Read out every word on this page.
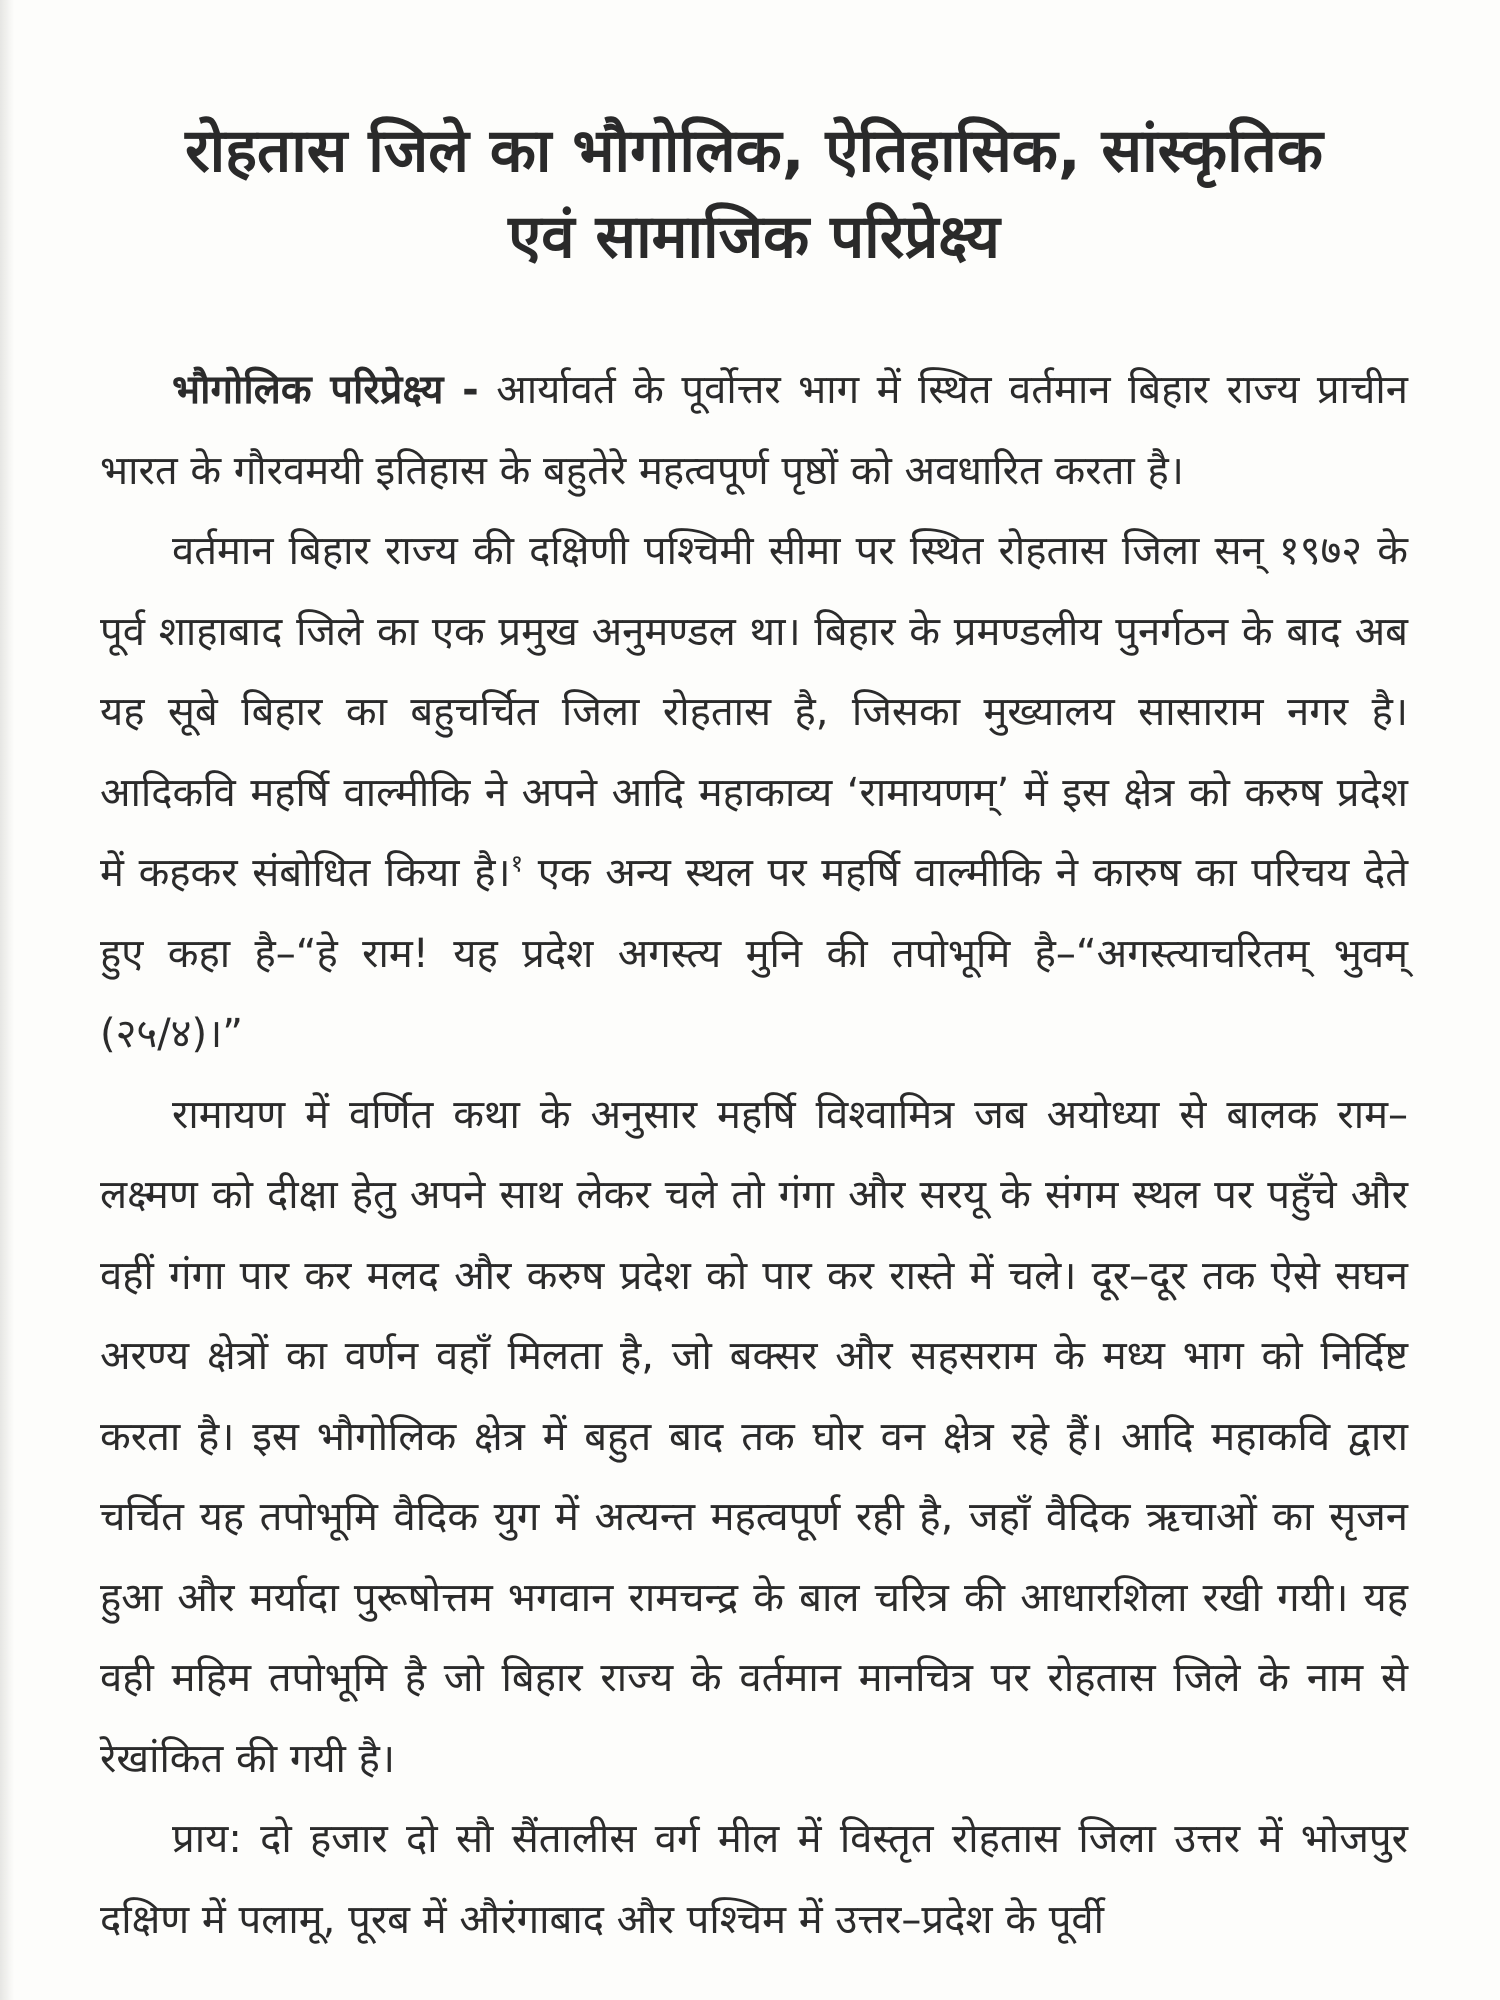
रोहतास जिले का भौगोलिक, ऐतिहासिक, सांस्कृतिक
एवं सामाजिक परिप्रेक्ष्य

भौगोलिक परिप्रेक्ष्य - आर्यावर्त के पूर्वोत्तर भाग में स्थित वर्तमान बिहार राज्य प्राचीन भारत के गौरवमयी इतिहास के बहुतेरे महत्वपूर्ण पृष्ठों को अवधारित करता है।

वर्तमान बिहार राज्य की दक्षिणी पश्चिमी सीमा पर स्थित रोहतास जिला सन् १९७२ के पूर्व शाहाबाद जिले का एक प्रमुख अनुमण्डल था। बिहार के प्रमण्डलीय पुनर्गठन के बाद अब यह सूबे बिहार का बहुचर्चित जिला रोहतास है, जिसका मुख्यालय सासाराम नगर है। आदिकवि महर्षि वाल्मीकि ने अपने आदि महाकाव्य ‘रामायणम्’ में इस क्षेत्र को करुष प्रदेश में कहकर संबोधित किया है।$^१$ एक अन्य स्थल पर महर्षि वाल्मीकि ने कारुष का परिचय देते हुए कहा है–“हे राम! यह प्रदेश अगस्त्य मुनि की तपोभूमि है–“अगस्त्याचरितम् भुवम् (२५/४)।”

रामायण में वर्णित कथा के अनुसार महर्षि विश्वामित्र जब अयोध्या से बालक राम–लक्ष्मण को दीक्षा हेतु अपने साथ लेकर चले तो गंगा और सरयू के संगम स्थल पर पहुँचे और वहीं गंगा पार कर मलद और करुष प्रदेश को पार कर रास्ते में चले। दूर–दूर तक ऐसे सघन अरण्य क्षेत्रों का वर्णन वहाँ मिलता है, जो बक्सर और सहसराम के मध्य भाग को निर्दिष्ट करता है। इस भौगोलिक क्षेत्र में बहुत बाद तक घोर वन क्षेत्र रहे हैं। आदि महाकवि द्वारा चर्चित यह तपोभूमि वैदिक युग में अत्यन्त महत्वपूर्ण रही है, जहाँ वैदिक ऋचाओं का सृजन हुआ और मर्यादा पुरूषोत्तम भगवान रामचन्द्र के बाल चरित्र की आधारशिला रखी गयी। यह वही महिम तपोभूमि है जो बिहार राज्य के वर्तमान मानचित्र पर रोहतास जिले के नाम से रेखांकित की गयी है।

प्राय: दो हजार दो सौ सैंतालीस वर्ग मील में विस्तृत रोहतास जिला उत्तर में भोजपुर दक्षिण में पलामू, पूरब में औरंगाबाद और पश्चिम में उत्तर–प्रदेश के पूर्वी
